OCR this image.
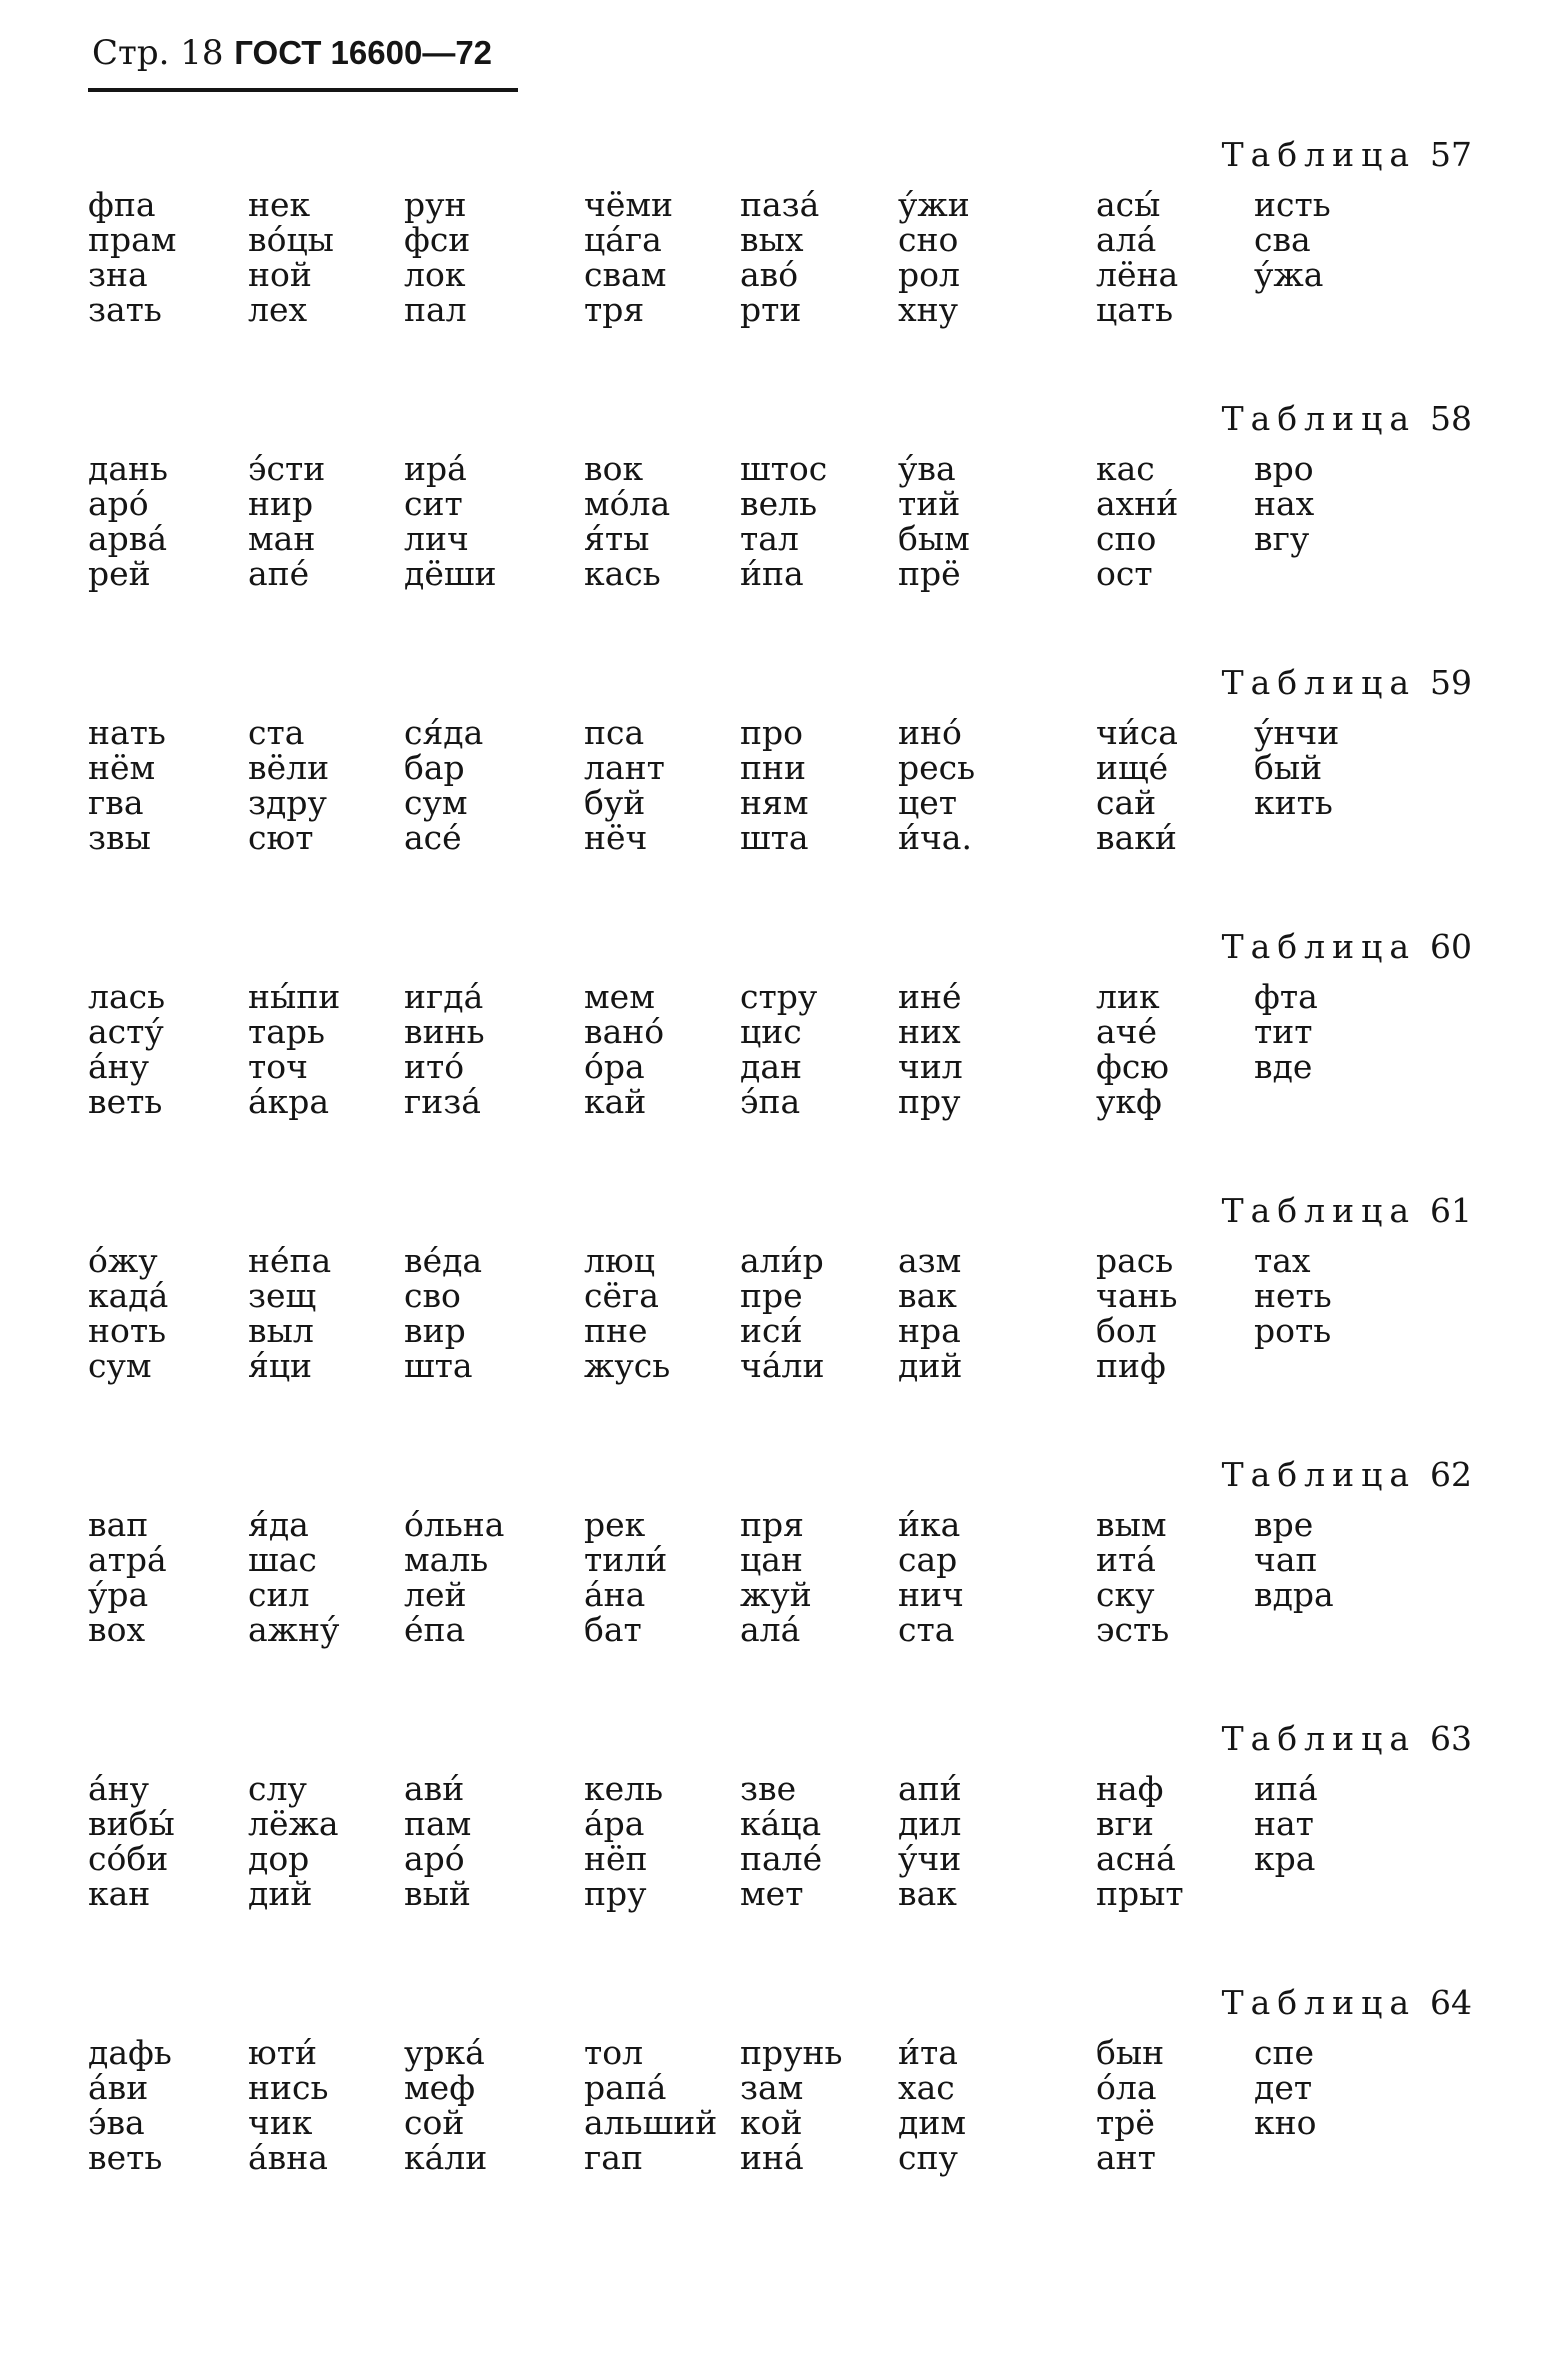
Стр. 18 ГОСТ 16600—72
Таблица 57
фпа
прам
зна
зать
нек
во́цы
ной
лех
рун
фси
лок
пал
чёми
ца́га
свам
тря
паза́
вых
аво́
рти
у́жи
сно
рол
хну
асы́
ала́
лёна
цать
исть
сва
у́жа
Таблица 58
дань
аро́
арва́
рей
э́сти
нир
ман
апе́
ира́
сит
лич
дёши
вок
мо́ла
я́ты
кась
штос
вель
тал
и́па
у́ва
тий
бым
прё
кас
ахни́
спо
ост
вро
нах
вгу
Таблица 59
нать
нём
гва
звы
ста
вёли
здру
сют
ся́да
бар
сум
асе́
пса
лант
буй
нёч
про
пни
ням
шта
ино́
ресь
цет
и́ча.
чи́са
ище́
сай
ваки́
у́нчи
бый
кить
Таблица 60
лась
асту́
а́ну
веть
ны́пи
тарь
точ
а́кра
игда́
винь
ито́
гиза́
мем
вано́
о́ра
кай
стру
цис
дан
э́па
ине́
них
чил
пру
лик
аче́
фсю
укф
фта
тит
вде
Таблица 61
о́жу
када́
нoть
сум
не́па
зещ
выл
я́ци
ве́да
сво
вир
шта
люц
сёга
пне
жусь
али́р
пре
иси́
ча́ли
азм
вак
нра
дий
рась
чань
бол
пиф
тах
неть
роть
Таблица 62
вап
атра́
у́ра
вох
я́да
шас
сил
ажну́
о́льна
маль
лей
е́па
рек
тили́
а́на
бат
пря
цан
жуй
ала́
и́ка
сар
нич
ста
вым
ита́
ску
эсть
вре
чап
вдра
Таблица 63
а́ну
вибы́
со́би
кан
слу
лёжа
дор
дий
ави́
пам
аро́
вый
кель
а́ра
нёп
пру
зве
ка́ца
пале́
мет
апи́
дил
у́чи
вак
наф
вги
асна́
прыт
ипа́
нат
кра
Таблица 64
дафь
а́ви
э́ва
веть
юти́
нись
чик
а́вна
урка́
меф
сой
ка́ли
тол
рапа́
альший
гап
прунь
зам
кой
ина́
и́та
хас
дим
спу
бын
о́ла
трё
ант
спе
дет
кно
